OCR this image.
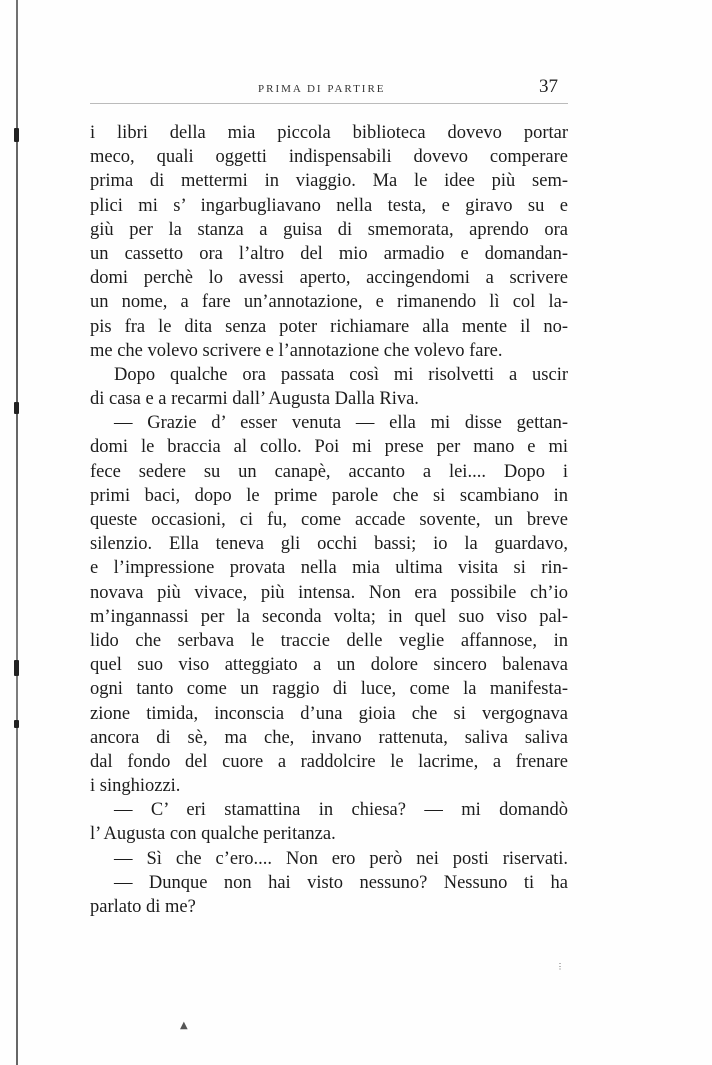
PRIMA DI PARTIRE	37
i libri della mia piccola biblioteca dovevo portar
meco, quali oggetti indispensabili dovevo comperare
prima di mettermi in viaggio. Ma le idee più sem-
plici mi s’ ingarbugliavano nella testa, e giravo su e
giù per la stanza a guisa di smemorata, aprendo ora
un cassetto ora l’altro del mio armadio e domandan-
domi perchè lo avessi aperto, accingendomi a scrivere
un nome, a fare un’annotazione, e rimanendo lì col la-
pis fra le dita senza poter richiamare alla mente il no-
me che volevo scrivere e l’annotazione che volevo fare.
Dopo qualche ora passata così mi risolvetti a uscir
di casa e a recarmi dall’ Augusta Dalla Riva.
— Grazie d’ esser venuta — ella mi disse gettan-
domi le braccia al collo. Poi mi prese per mano e mi
fece sedere su un canapè, accanto a lei.... Dopo i
primi baci, dopo le prime parole che si scambiano in
queste occasioni, ci fu, come accade sovente, un breve
silenzio. Ella teneva gli occhi bassi; io la guardavo,
e l’impressione provata nella mia ultima visita si rin-
novava più vivace, più intensa. Non era possibile ch’io
m’ingannassi per la seconda volta; in quel suo viso pal-
lido che serbava le traccie delle veglie affannose, in
quel suo viso atteggiato a un dolore sincero balenava
ogni tanto come un raggio di luce, come la manifesta-
zione timida, inconscia d’una gioia che si vergognava
ancora di sè, ma che, invano rattenuta, saliva saliva
dal fondo del cuore a raddolcire le lacrime, a frenare
i singhiozzi.
— C’ eri stamattina in chiesa? — mi domandò
l’ Augusta con qualche peritanza.
— Sì che c’ero.... Non ero però nei posti riservati.
— Dunque non hai visto nessuno? Nessuno ti ha
parlato di me?
▲
⋮
